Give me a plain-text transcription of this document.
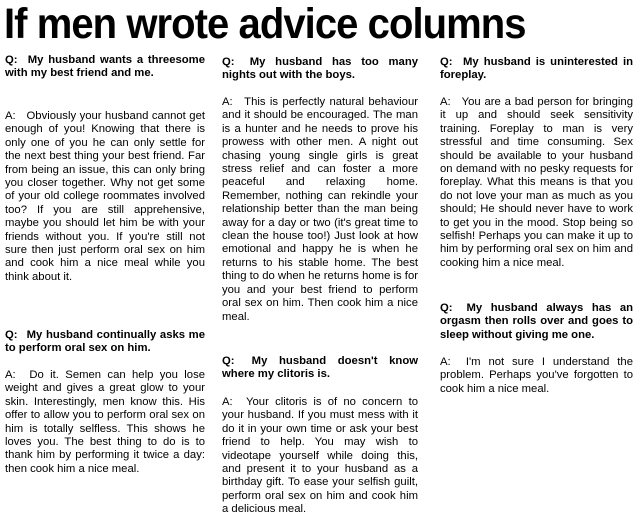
If men wrote advice columns

Q: My husband wants a threesome with my best friend and me.

A: Obviously your husband cannot get enough of you! Knowing that there is only one of you he can only settle for the next best thing your best friend. Far from being an issue, this can only bring you closer together. Why not get some of your old college roommates involved too? If you are still apprehensive, maybe you should let him be with your friends without you. If you're still not sure then just perform oral sex on him and cook him a nice meal while you think about it.

Q: My husband continually asks me to perform oral sex on him.

A: Do it. Semen can help you lose weight and gives a great glow to your skin. Interestingly, men know this. His offer to allow you to perform oral sex on him is totally selfless. This shows he loves you. The best thing to do is to thank him by performing it twice a day: then cook him a nice meal.

Q: My husband has too many nights out with the boys.

A: This is perfectly natural behaviour and it should be encouraged. The man is a hunter and he needs to prove his prowess with other men. A night out chasing young single girls is great stress relief and can foster a more peaceful and relaxing home. Remember, nothing can rekindle your relationship better than the man being away for a day or two (it's great time to clean the house too!) Just look at how emotional and happy he is when he returns to his stable home. The best thing to do when he returns home is for you and your best friend to perform oral sex on him. Then cook him a nice meal.

Q: My husband doesn't know where my clitoris is.

A: Your clitoris is of no concern to your husband. If you must mess with it do it in your own time or ask your best friend to help. You may wish to videotape yourself while doing this, and present it to your husband as a birthday gift. To ease your selfish guilt, perform oral sex on him and cook him a delicious meal.

Q: My husband is uninterested in foreplay.

A: You are a bad person for bringing it up and should seek sensitivity training. Foreplay to man is very stressful and time consuming. Sex should be available to your husband on demand with no pesky requests for foreplay. What this means is that you do not love your man as much as you should; He should never have to work to get you in the mood. Stop being so selfish! Perhaps you can make it up to him by performing oral sex on him and cooking him a nice meal.

Q: My husband always has an orgasm then rolls over and goes to sleep without giving me one.

A: I'm not sure I understand the problem. Perhaps you've forgotten to cook him a nice meal.
